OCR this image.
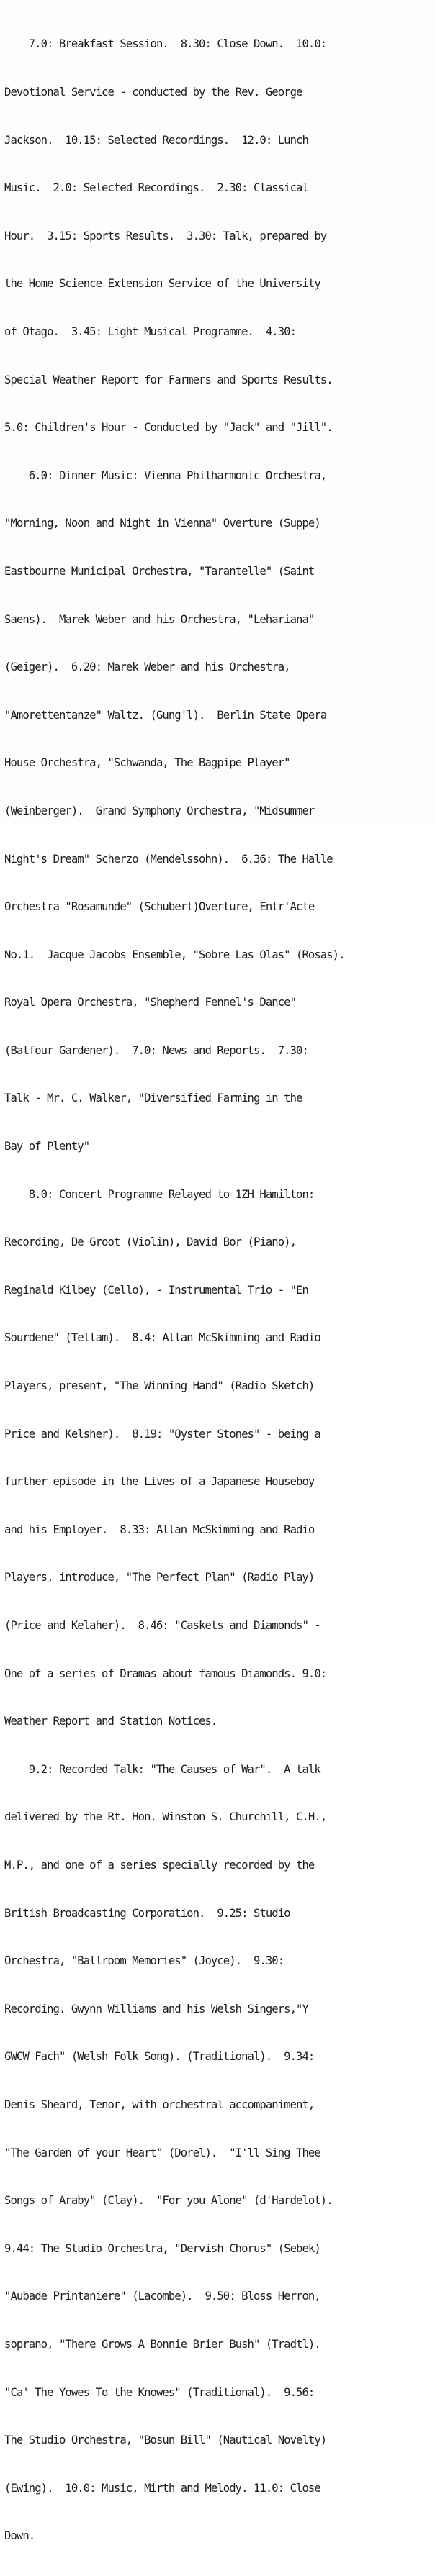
7.0: Breakfast Session.  8.30: Close Down.  10.0:

Devotional Service - conducted by the Rev. George

Jackson.  10.15: Selected Recordings.  12.0: Lunch

Music.  2.0: Selected Recordings.  2.30: Classical

Hour.  3.15: Sports Results.  3.30: Talk, prepared by

the Home Science Extension Service of the University

of Otago.  3.45: Light Musical Programme.  4.30:

Special Weather Report for Farmers and Sports Results.

5.0: Children's Hour - Conducted by "Jack" and "Jill".

6.0: Dinner Music: Vienna Philharmonic Orchestra,

"Morning, Noon and Night in Vienna" Overture (Suppe)

Eastbourne Municipal Orchestra, "Tarantelle" (Saint

Saens).  Marek Weber and his Orchestra, "Lehariana"

(Geiger).  6.20: Marek Weber and his Orchestra,

"Amorettentanze" Waltz. (Gung'l).  Berlin State Opera

House Orchestra, "Schwanda, The Bagpipe Player"

(Weinberger).  Grand Symphony Orchestra, "Midsummer

Night's Dream" Scherzo (Mendelssohn).  6.36: The Halle

Orchestra "Rosamunde" (Schubert)Overture, Entr'Acte

No.1.  Jacque Jacobs Ensemble, "Sobre Las Olas" (Rosas).

Royal Opera Orchestra, "Shepherd Fennel's Dance"

(Balfour Gardener).  7.0: News and Reports.  7.30:

Talk - Mr. C. Walker, "Diversified Farming in the

Bay of Plenty"

8.0: Concert Programme Relayed to 1ZH Hamilton:

Recording, De Groot (Violin), David Bor (Piano),

Reginald Kilbey (Cello), - Instrumental Trio - "En

Sourdene" (Tellam).  8.4: Allan McSkimming and Radio

Players, present, "The Winning Hand" (Radio Sketch)

Price and Kelsher).  8.19: "Oyster Stones" - being a

further episode in the Lives of a Japanese Houseboy

and his Employer.  8.33: Allan McSkimming and Radio

Players, introduce, "The Perfect Plan" (Radio Play)

(Price and Kelaher).  8.46: "Caskets and Diamonds" -

One of a series of Dramas about famous Diamonds. 9.0:

Weather Report and Station Notices.

9.2: Recorded Talk: "The Causes of War".  A talk

delivered by the Rt. Hon. Winston S. Churchill, C.H.,

M.P., and one of a series specially recorded by the

British Broadcasting Corporation.  9.25: Studio

Orchestra, "Ballroom Memories" (Joyce).  9.30:

Recording. Gwynn Williams and his Welsh Singers,"Y

GWCW Fach" (Welsh Folk Song). (Traditional).  9.34:

Denis Sheard, Tenor, with orchestral accompaniment,

"The Garden of your Heart" (Dorel).  "I'll Sing Thee

Songs of Araby" (Clay).  "For you Alone" (d'Hardelot).

9.44: The Studio Orchestra, "Dervish Chorus" (Sebek)

"Aubade Printaniere" (Lacombe).  9.50: Bloss Herron,

soprano, "There Grows A Bonnie Brier Bush" (Tradtl).

"Ca' The Yowes To the Knowes" (Traditional).  9.56:

The Studio Orchestra, "Bosun Bill" (Nautical Novelty)

(Ewing).  10.0: Music, Mirth and Melody. 11.0: Close

Down.
